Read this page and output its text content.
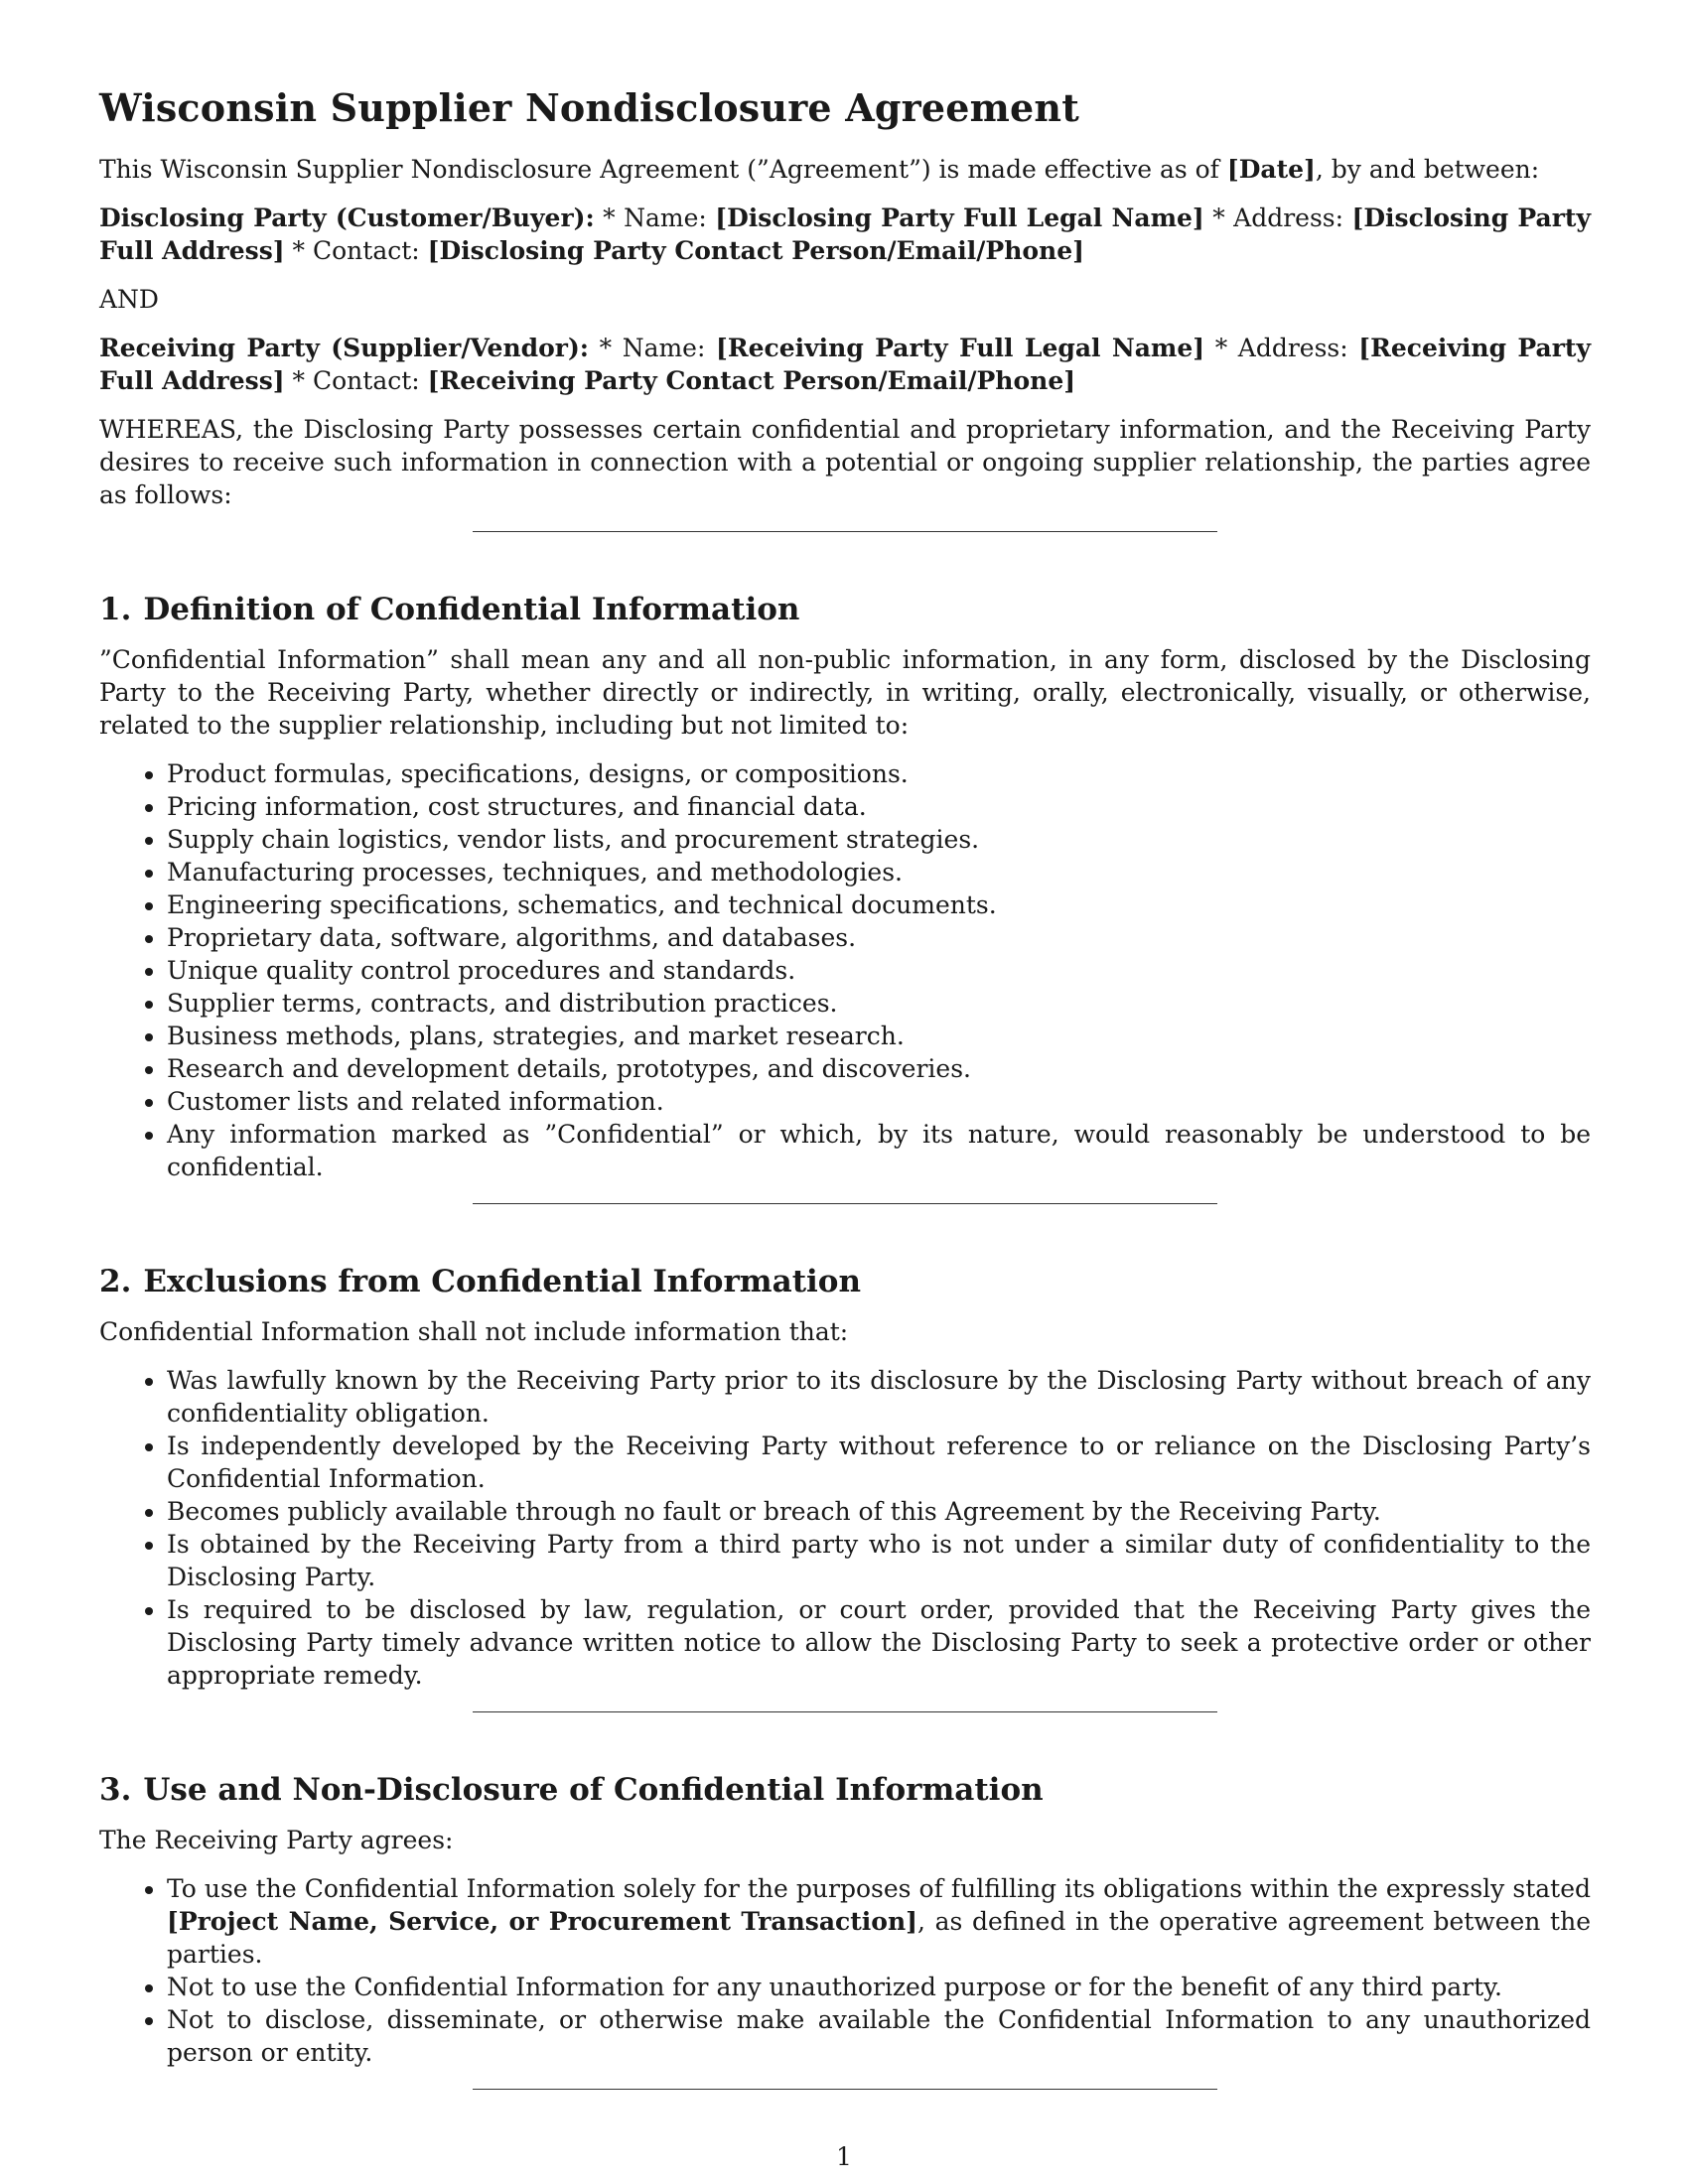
Wisconsin Supplier Nondisclosure Agreement

This Wisconsin Supplier Nondisclosure Agreement (”Agreement”) is made effective as of [Date], by and between:

Disclosing Party (Customer/Buyer): * Name: [Disclosing Party Full Legal Name] * Address: [Disclosing Party Full Address] * Contact: [Disclosing Party Contact Person/Email/Phone]

AND

Receiving Party (Supplier/Vendor): * Name: [Receiving Party Full Legal Name] * Address: [Receiving Party Full Address] * Contact: [Receiving Party Contact Person/Email/Phone]

WHEREAS, the Disclosing Party possesses certain confidential and proprietary information, and the Receiving Party desires to receive such information in connection with a potential or ongoing supplier relationship, the parties agree as follows:

1. Definition of Confidential Information

”Confidential Information” shall mean any and all non-public information, in any form, disclosed by the Disclosing Party to the Receiving Party, whether directly or indirectly, in writing, orally, electronically, visually, or otherwise, related to the supplier relationship, including but not limited to:

• Product formulas, specifications, designs, or compositions.
• Pricing information, cost structures, and financial data.
• Supply chain logistics, vendor lists, and procurement strategies.
• Manufacturing processes, techniques, and methodologies.
• Engineering specifications, schematics, and technical documents.
• Proprietary data, software, algorithms, and databases.
• Unique quality control procedures and standards.
• Supplier terms, contracts, and distribution practices.
• Business methods, plans, strategies, and market research.
• Research and development details, prototypes, and discoveries.
• Customer lists and related information.
• Any information marked as ”Confidential” or which, by its nature, would reasonably be understood to be confidential.
2. Exclusions from Confidential Information

Confidential Information shall not include information that:

• Was lawfully known by the Receiving Party prior to its disclosure by the Disclosing Party without breach of any confidentiality obligation.
• Is independently developed by the Receiving Party without reference to or reliance on the Disclosing Party’s Confidential Information.
• Becomes publicly available through no fault or breach of this Agreement by the Receiving Party.
• Is obtained by the Receiving Party from a third party who is not under a similar duty of confidentiality to the Disclosing Party.
• Is required to be disclosed by law, regulation, or court order, provided that the Receiving Party gives the Disclosing Party timely advance written notice to allow the Disclosing Party to seek a protective order or other appropriate remedy.
3. Use and Non-Disclosure of Confidential Information

The Receiving Party agrees:

• To use the Confidential Information solely for the purposes of fulfilling its obligations within the expressly stated [Project Name, Service, or Procurement Transaction], as defined in the operative agreement between the parties.
• Not to use the Confidential Information for any unauthorized purpose or for the benefit of any third party.
• Not to disclose, disseminate, or otherwise make available the Confidential Information to any unauthorized person or entity.
1
